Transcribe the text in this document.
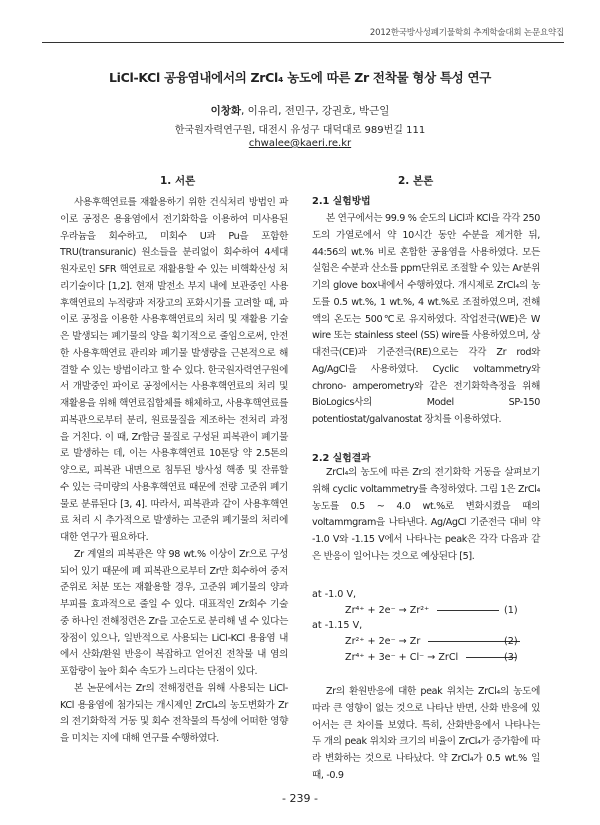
2012한국방사성폐기물학회 추계학술대회 논문요약집
LiCl-KCl 공융염내에서의 ZrCl₄ 농도에 따른 Zr 전착물 형상 특성 연구
이창화, 이유리, 전민구, 강권호, 박근일
한국원자력연구원, 대전시 유성구 대덕대로 989번길 111
chwalee@kaeri.re.kr
1. 서론

사용후핵연료를 재활용하기 위한 건식처리 방법인 파이로 공정은 용융염에서 전기화학을 이용하여 미사용된 우라늄을 회수하고, 미회수 U과 Pu을 포함한 TRU(transuranic) 원소들을 분리없이 회수하여 4세대 원자로인 SFR 핵연료로 재활용할 수 있는 비핵확산성 처리기술이다 [1,2]. 현재 발전소 부지 내에 보관중인 사용후핵연료의 누적량과 저장고의 포화시기를 고려할 때, 파이로 공정을 이용한 사용후핵연료의 처리 및 재활용 기술은 발생되는 폐기물의 양을 획기적으로 줄임으로써, 안전한 사용후핵연료 관리와 폐기물 발생량을 근본적으로 해결할 수 있는 방법이라고 할 수 있다. 한국원자력연구원에서 개발중인 파이로 공정에서는 사용후핵연료의 처리 및 재활용을 위해 핵연료집합체를 해체하고, 사용후핵연료를 피복관으로부터 분리, 원료물질을 제조하는 전처리 과정을 거친다. 이 때, Zr합금 물질로 구성된 피복관이 폐기물로 발생하는 데, 이는 사용후핵연료 10톤당 약 2.5톤의 양으로, 피복관 내면으로 침투된 방사성 핵종 및 잔류할 수 있는 극미량의 사용후핵연료 때문에 전량 고준위 폐기물로 분류된다 [3, 4]. 따라서, 피복관과 같이 사용후핵연료 처리 시 추가적으로 발생하는 고준위 폐기물의 처리에 대한 연구가 필요하다.

Zr 계열의 피복관은 약 98 wt.% 이상이 Zr으로 구성되어 있기 때문에 폐 피복관으로부터 Zr만 회수하여 중저준위로 처분 또는 재활용할 경우, 고준위 폐기물의 양과 부피를 효과적으로 줄일 수 있다. 대표적인 Zr회수 기술 중 하나인 전해정련은 Zr을 고순도로 분리해 낼 수 있다는 장점이 있으나, 일반적으로 사용되는 LiCl-KCl 용융염 내에서 산화/환원 반응이 복잡하고 얻어진 전착물 내 염의 포함량이 높아 회수 속도가 느리다는 단점이 있다.

본 논문에서는 Zr의 전해정련을 위해 사용되는 LiCl-KCl 용융염에 첨가되는 개시제인 ZrCl₄의 농도변화가 Zr의 전기화학적 거동 및 회수 전착물의 특성에 어떠한 영향을 미치는 지에 대해 연구를 수행하였다.

2. 본론
2.1 실험방법

본 연구에서는 99.9 % 순도의 LiCl과 KCl을 각각 250도의 가열로에서 약 10시간 동안 수분을 제거한 뒤, 44:56의 wt.% 비로 혼합한 공융염을 사용하였다. 모든 실험은 수분과 산소를 ppm단위로 조절할 수 있는 Ar분위기의 glove box내에서 수행하였다. 개시제로 ZrCl₄의 농도를 0.5 wt.%, 1 wt.%, 4 wt.%로 조절하였으며, 전해액의 온도는 500℃로 유지하였다. 작업전극(WE)은 W wire 또는 stainless steel (SS) wire를 사용하였으며, 상대전극(CE)과 기준전극(RE)으로는 각각 Zr rod와 Ag/AgCl을 사용하였다. Cyclic voltammetry와 chrono- amperometry와 같은 전기화학측정을 위해 BioLogics사의 Model SP-150 potentiostat/galvanostat 장치를 이용하였다.

2.2 실험결과

ZrCl₄의 농도에 따른 Zr의 전기화학 거동을 살펴보기 위해 cyclic voltammetry를 측정하였다. 그림 1은 ZrCl₄농도를 0.5 ~ 4.0 wt.%로 변화시켰을 때의 voltammgram을 나타낸다. Ag/AgCl 기준전극 대비 약 -1.0 V와 -1.15 V에서 나타나는 peak은 각각 다음과 같은 반응이 일어나는 것으로 예상된다 [5].

at -1.0 V,
Zr⁴⁺ + 2e⁻ → Zr²⁺	(1)
at -1.15 V,
Zr²⁺ + 2e⁻ → Zr	(2)
Zr⁴⁺ + 3e⁻ + Cl⁻ → ZrCl	(3)

Zr의 환원반응에 대한 peak 위치는 ZrCl₄의 농도에 따라 큰 영향이 없는 것으로 나타난 반면, 산화 반응에 있어서는 큰 차이를 보였다. 특히, 산화반응에서 나타나는 두 개의 peak 위치와 크기의 비율이 ZrCl₄가 증가함에 따라 변화하는 것으로 나타났다. 약 ZrCl₄가 0.5 wt.% 일 때, -0.9

- 239 -
